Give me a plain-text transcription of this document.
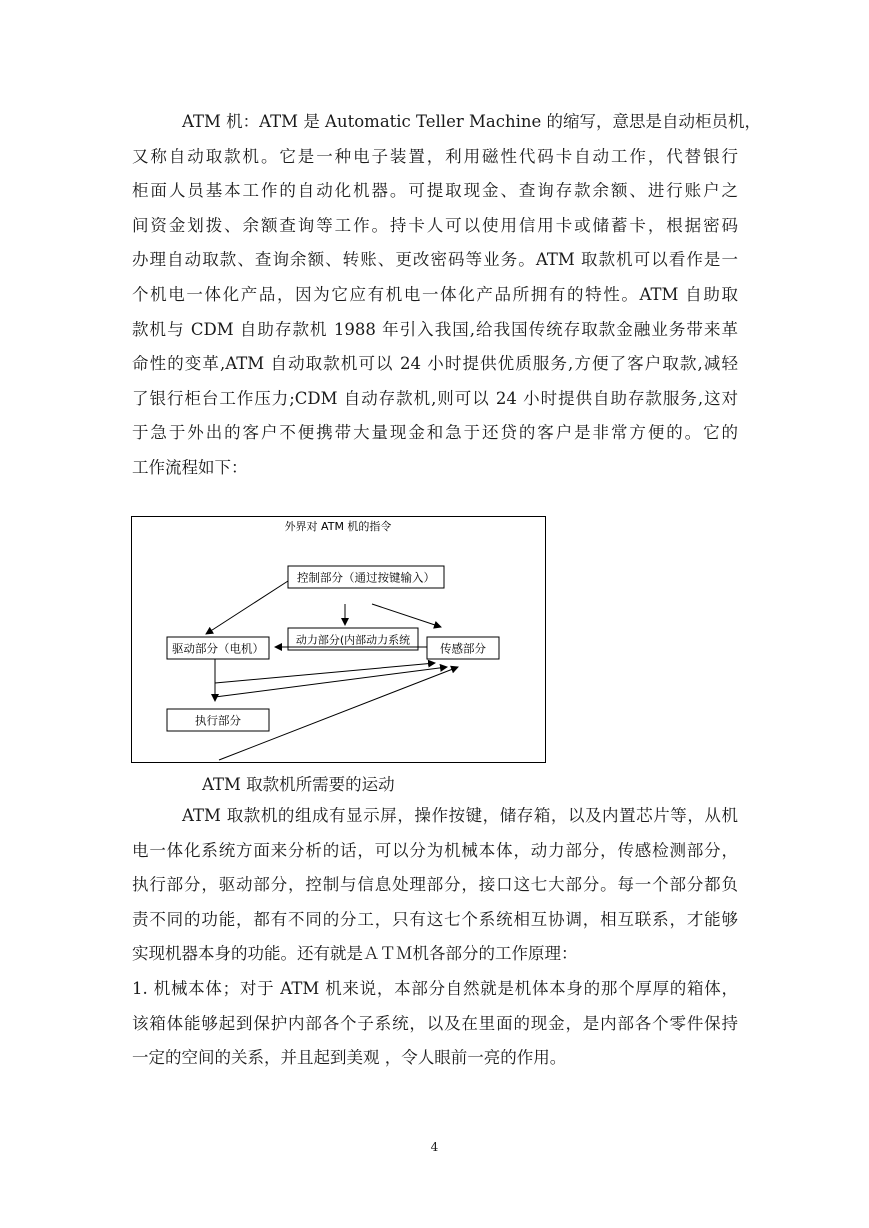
ATM 机：ATM 是 Automatic Teller Machine 的缩写，意思是自动柜员机，
又称自动取款机。它是一种电子装置，利用磁性代码卡自动工作，代替银行
柜面人员基本工作的自动化机器。可提取现金、查询存款余额、进行账户之
间资金划拨、余额查询等工作。持卡人可以使用信用卡或储蓄卡，根据密码
办理自动取款、查询余额、转账、更改密码等业务。ATM 取款机可以看作是一
个机电一体化产品，因为它应有机电一体化产品所拥有的特性。ATM 自助取
款机与 CDM 自助存款机 1988 年引入我国,给我国传统存取款金融业务带来革
命性的变革,ATM 自动取款机可以 24 小时提供优质服务,方便了客户取款,减轻
了银行柜台工作压力;CDM 自动存款机,则可以 24 小时提供自助存款服务,这对
于急于外出的客户不便携带大量现金和急于还贷的客户是非常方便的。它的
工作流程如下：
外界对 ATM 机的指令
控制部分（通过按键输入）
驱动部分（电机）
动力部分(内部动力系统
传感部分
执行部分
ATM 取款机所需要的运动
ATM 取款机的组成有显示屏，操作按键，储存箱，以及内置芯片等，从机
电一体化系统方面来分析的话，可以分为机械本体，动力部分，传感检测部分，
执行部分，驱动部分，控制与信息处理部分，接口这七大部分。每一个部分都负
责不同的功能，都有不同的分工，只有这七个系统相互协调，相互联系，才能够
实现机器本身的功能。还有就是ＡＴＭ机各部分的工作原理：
1. 机械本体；对于 ATM 机来说，本部分自然就是机体本身的那个厚厚的箱体，
该箱体能够起到保护内部各个子系统，以及在里面的现金，是内部各个零件保持
一定的空间的关系，并且起到美观 ，令人眼前一亮的作用。
4
